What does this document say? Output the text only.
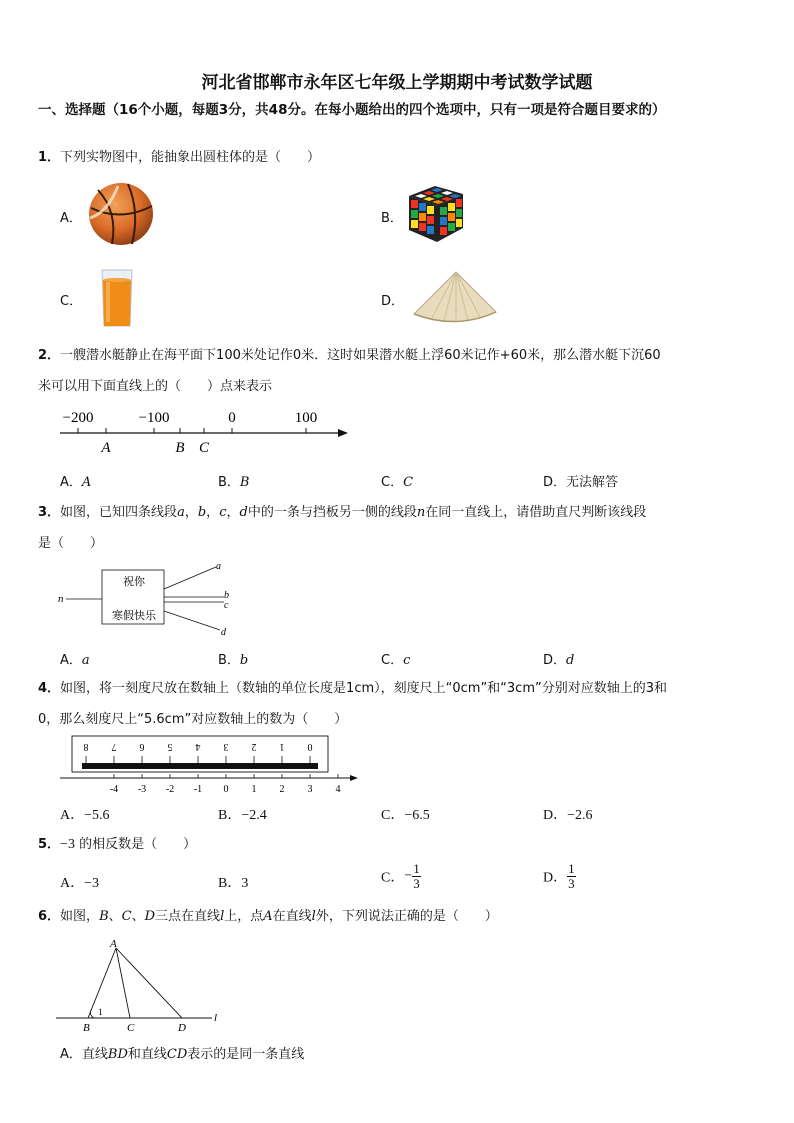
河北省邯郸市永年区七年级上学期期中考试数学试题
一、选择题（16个小题，每题3分，共48分。在每小题给出的四个选项中，只有一项是符合题目要求的）
1．下列实物图中，能抽象出圆柱体的是（　　）
A．	B．
C．	D．
2．一艘潜水艇静止在海平面下100米处记作0米．这时如果潜水艇上浮60米记作+60米，那么潜水艇下沉60
米可以用下面直线上的（　　）点来表示
−200	−100	0	100
A	B C
A．A	B．B	C．C	D．无法解答
3．如图，已知四条线段a，b，c，d中的一条与挡板另一侧的线段n在同一直线上，请借助直尺判断该线段
是（　　）
祝你
寒假快乐
n
a
b
c
d
A．a	B．b	C．c	D．d
4．如图，将一刻度尺放在数轴上（数轴的单位长度是1cm），刻度尺上“0cm”和“3cm”分别对应数轴上的3和
0，那么刻度尺上“5.6cm”对应数轴上的数为（　　）
8 7 6 5 4 3 2 1 0
-4 -3 -2 -1 0 1 2 3 4
A．−5.6	B．−2.4	C．−6.5	D．−2.6
5．−3 的相反数是（　　）
A．−3	B．3	C．− $\frac{1}{3}$	D． $\frac{1}{3}$
6．如图，B、C、D三点在直线l上，点A在直线l外，下列说法正确的是（　　）
A
B	C	D
l
1
A．直线BD和直线CD表示的是同一条直线
